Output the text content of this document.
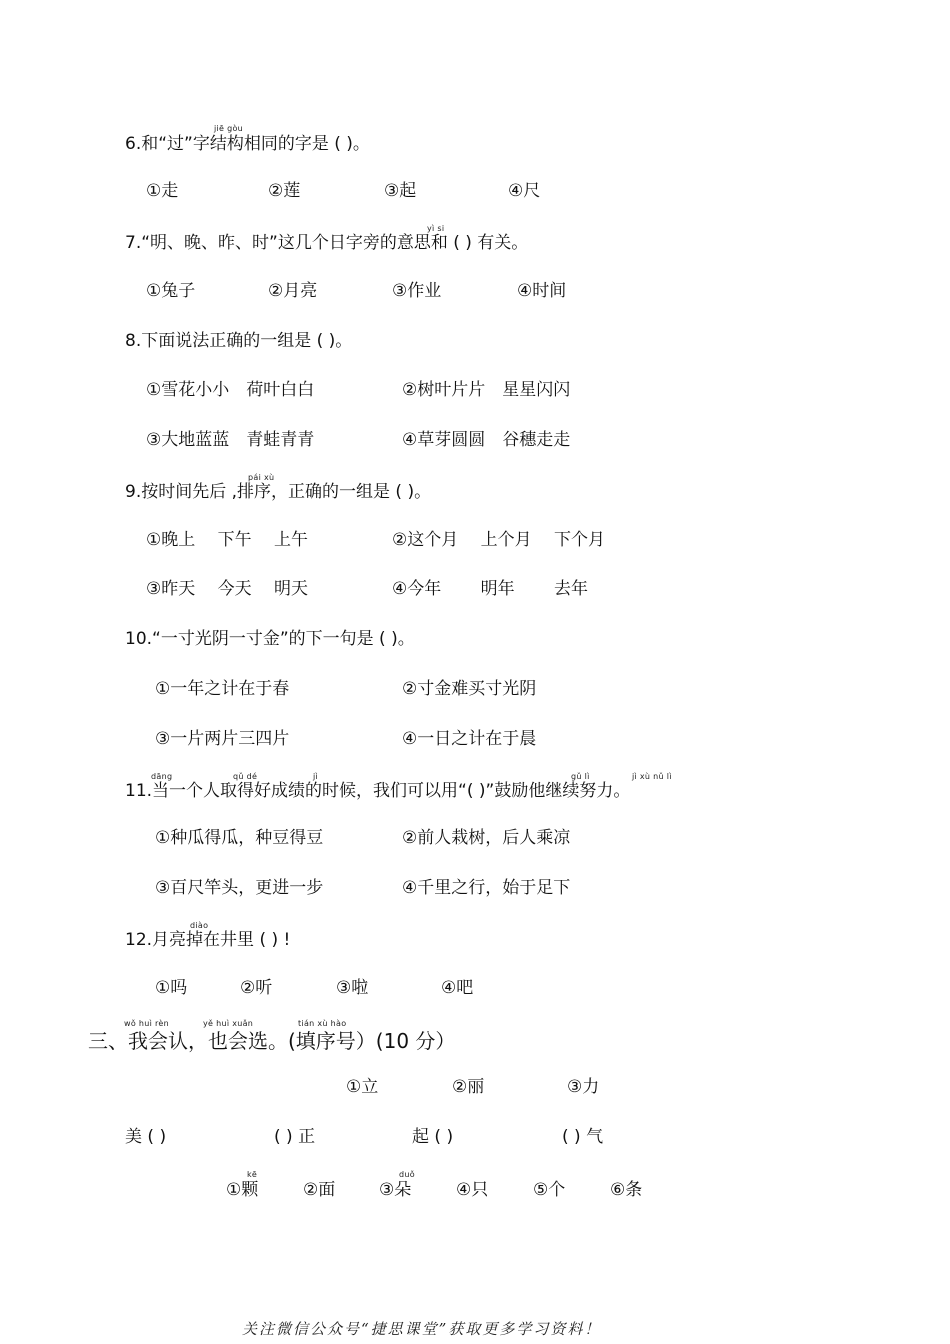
jiē gòu
6.和“过”字结构相同的字是 ( )。
①走	②莲	③起	④尺
yì si
7.“明、晚、昨、时”这几个日字旁的意思和 ( ) 有关。
①兔子	②月亮	③作业	④时间
8.下面说法正确的一组是 ( )。
①雪花小小　荷叶白白	②树叶片片　星星闪闪
③大地蓝蓝　青蛙青青	④草芽圆圆　谷穗走走
pái xù
9.按时间先后 ,排序，正确的一组是 ( )。
①晚上　 下午　 上午	②这个月　 上个月　 下个月
③昨天　 今天　 明天	④今年　　 明年　　 去年
10.“一寸光阴一寸金”的下一句是 ( )。
①一年之计在于春	②寸金难买寸光阴
③一片两片三四片	④一日之计在于晨
dāng	qǔ dé	jì	gǔ lì	jì xù nǔ lì
11.当一个人取得好成绩的时候，我们可以用“( )”鼓励他继续努力。
①种瓜得瓜，种豆得豆	②前人栽树，后人乘凉
③百尺竿头，更进一步	④千里之行，始于足下
diào
12.月亮掉在井里 ( ) !
①吗	②听	③啦	④吧
wǒ huì rèn	yě huì xuǎn	tián xù hào
三、我会认，也会选。(填序号）(10 分）
①立	②丽	③力
美 ( )	( ) 正	起 ( )	( ) 气
kē	duǒ
①颗	②面	③朵	④只	⑤个	⑥条
关注微信公众号“捷思课堂”获取更多学习资料！
